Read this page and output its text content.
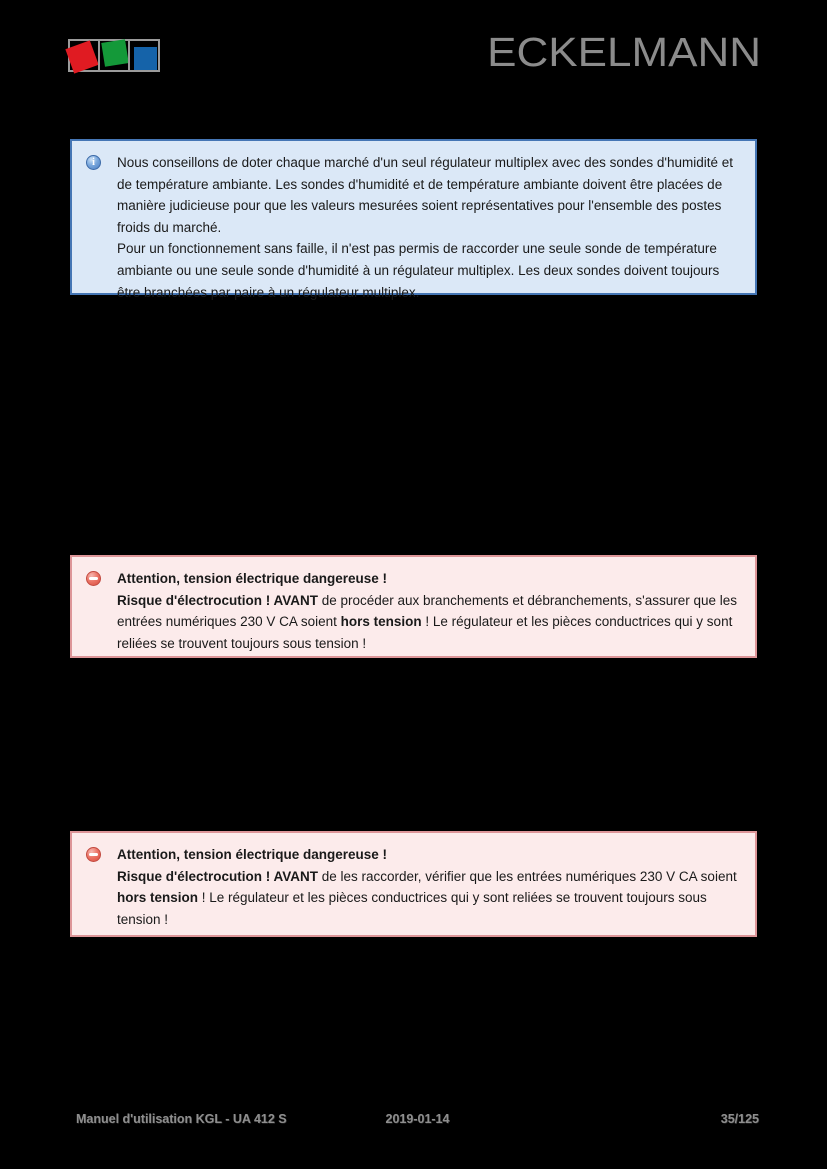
ECKELMANN
i	Nous conseillons de doter chaque marché d'un seul régulateur multiplex avec des sondes d'humidité et de température ambiante. Les sondes d'humidité et de température ambiante doivent être placées de manière judicieuse pour que les valeurs mesurées soient représentatives pour l'ensemble des postes froids du marché.
Pour un fonctionnement sans faille, il n'est pas permis de raccorder une seule sonde de température ambiante ou une seule sonde d'humidité à un régulateur multiplex. Les deux sondes doivent toujours être branchées par paire à un régulateur multiplex.
Attention, tension électrique dangereuse !
Risque d'électrocution ! AVANT de procéder aux branchements et débranchements, s'assurer que les entrées numériques 230 V CA soient hors tension ! Le régulateur et les pièces conductrices qui y sont reliées se trouvent toujours sous tension !
Attention, tension électrique dangereuse !
Risque d'électrocution ! AVANT de les raccorder, vérifier que les entrées numériques 230 V CA soient hors tension ! Le régulateur et les pièces conductrices qui y sont reliées se trouvent toujours sous tension !
Manuel d'utilisation KGL - UA 412 S	2019-01-14	35/125
